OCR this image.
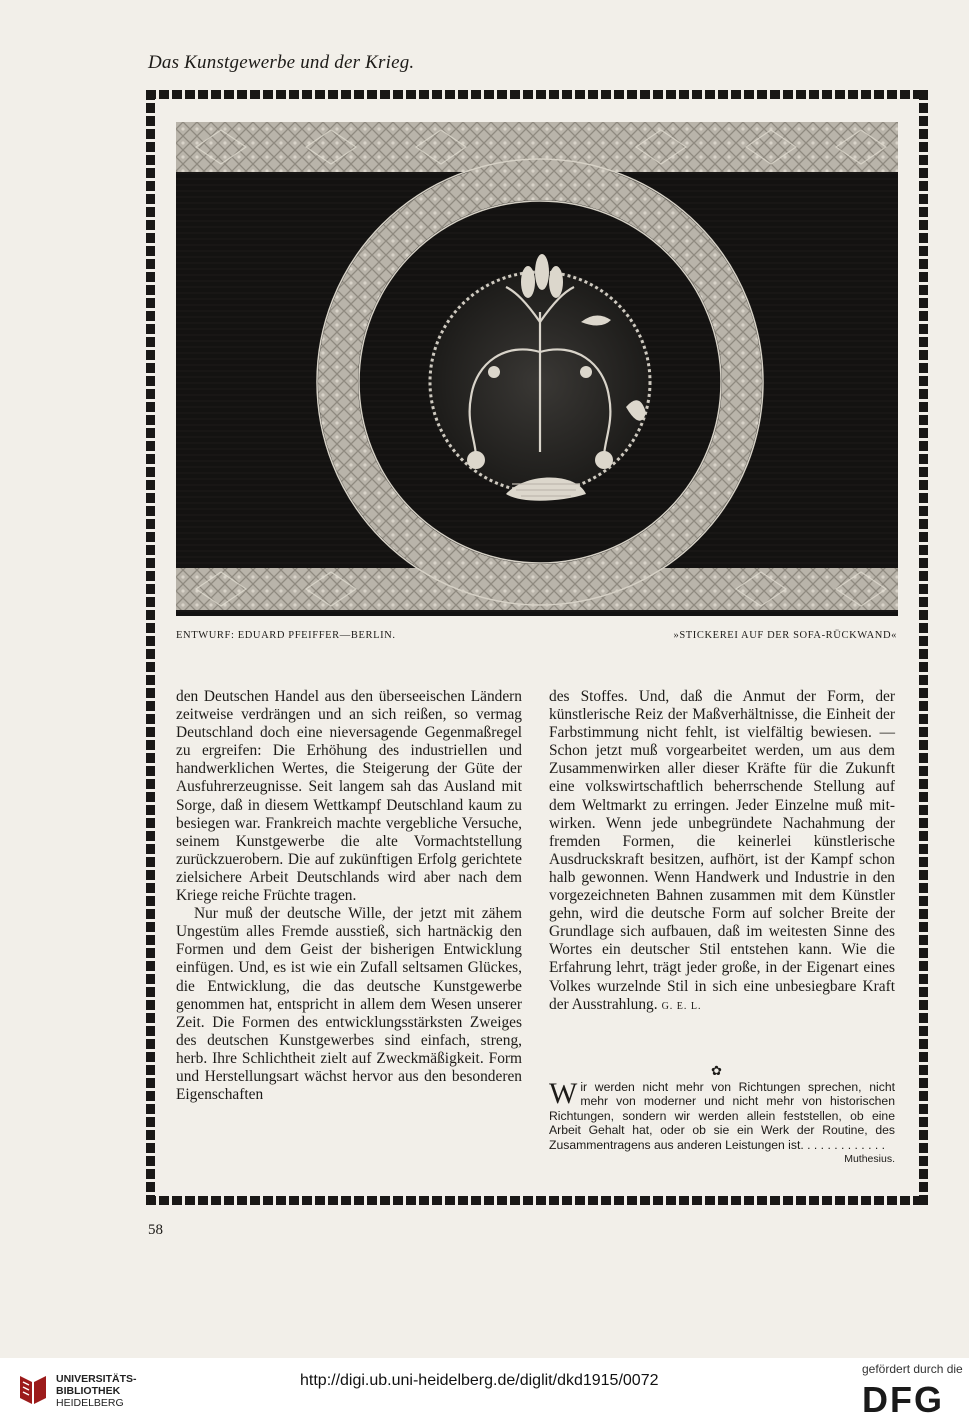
Das Kunstgewerbe und der Krieg.
ENTWURF: EDUARD PFEIFFER—BERLIN.	»STICKEREI AUF DER SOFA-RÜCKWAND«

den Deutschen Handel aus den überseeischen Ländern zeitweise verdrängen und an sich reißen, so vermag Deutschland doch eine nieversagende Gegenmaßregel zu ergreifen: Die Erhöhung des industriellen und handwerklichen Wertes, die Steigerung der Güte der Ausfuhrerzeugnisse. Seit langem sah das Ausland mit Sorge, daß in diesem Wettkampf Deutschland kaum zu besiegen war. Frankreich machte vergebliche Versuche, seinem Kunstgewerbe die alte Vormachtstellung zurückzuerobern. Die auf zukünftigen Erfolg gerichtete zielsichere Arbeit Deutschlands wird aber nach dem Kriege reiche Früchte tragen.

Nur muß der deutsche Wille, der jetzt mit zähem Ungestüm alles Fremde ausstieß, sich hartnäckig den Formen und dem Geist der bisherigen Entwicklung einfügen. Und, es ist wie ein Zufall seltsamen Glückes, die Entwicklung, die das deutsche Kunstgewerbe genommen hat, entspricht in allem dem Wesen unserer Zeit. Die Formen des entwicklungsstärksten Zweiges des deutschen Kunstgewerbes sind einfach, streng, herb. Ihre Schlichtheit zielt auf Zweckmäßigkeit. Form und Herstellungsart wächst hervor aus den besonderen Eigenschaften

des Stoffes. Und, daß die Anmut der Form, der künstlerische Reiz der Maßverhältnisse, die Einheit der Farbstimmung nicht fehlt, ist vielfältig bewiesen. — Schon jetzt muß vorgearbeitet werden, um aus dem Zusammenwirken aller dieser Kräfte für die Zukunft eine volkswirtschaftlich beherrschende Stellung auf dem Weltmarkt zu erringen. Jeder Einzelne muß mitwirken. Wenn jede unbegründete Nachahmung der fremden Formen, die keinerlei künstlerische Ausdruckskraft besitzen, aufhört, ist der Kampf schon halb gewonnen. Wenn Handwerk und Industrie in den vorgezeichneten Bahnen zusammen mit dem Künstler gehn, wird die deutsche Form auf solcher Breite der Grundlage sich aufbauen, daß im weitesten Sinne des Wortes ein deutscher Stil entstehen kann. Wie die Erfahrung lehrt, trägt jeder große, in der Eigenart eines Volkes wurzelnde Stil in sich eine unbesiegbare Kraft der Ausstrahlung. G. E. L.

✿
Wir werden nicht mehr von Richtungen sprechen, nicht mehr von moderner und nicht mehr von historischen Richtungen, sondern wir werden allein feststellen, ob eine Arbeit Gehalt hat, oder ob sie ein Werk der Routine, des Zusammentragens aus anderen Leistungen ist. . . . . . . . . . . . .
Muthesius.
58
UNIVERSITÄTS-
BIBLIOTHEK
HEIDELBERG
http://digi.ub.uni-heidelberg.de/diglit/dkd1915/0072
gefördert durch die
DFG
